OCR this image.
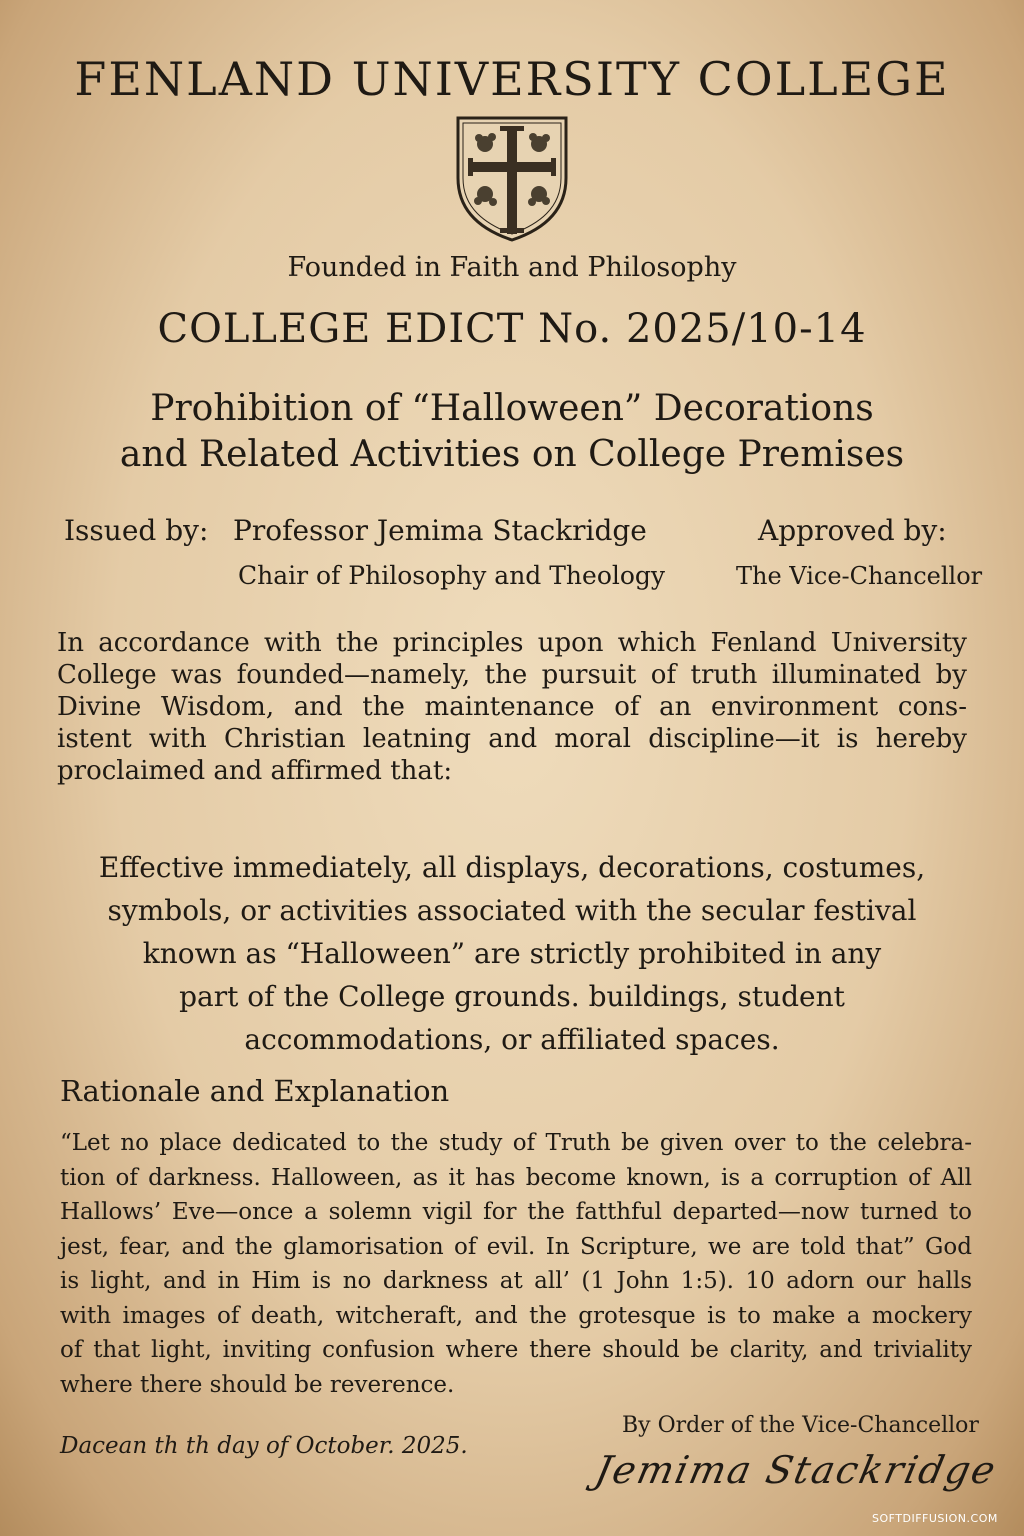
FENLAND UNIVERSITY COLLEGE

Founded in Faith and Philosophy

COLLEGE EDICT No. 2025/10-14

Prohibition of “Halloween” Decorations

and Related Activities on College Premises

Issued by: Professor Jemima Stackridge
Chair of Philosophy and Theology
Approved by:
The Vice-Chancellor
In accordance with the principles upon which Fenland University
College was founded—namely, the pursuit of truth illuminated by
Divine Wisdom, and the maintenance of an environment cons-
istent with Christian leatning and moral discipline—it is hereby
proclaimed and affirmed that:
Effective immediately, all displays, decorations, costumes,
symbols, or activities associated with the secular festival
known as “Halloween” are strictly prohibited in any
part of the College grounds. buildings, student
accommodations, or affiliated spaces.
Rationale and Explanation
“Let no place dedicated to the study of Truth be given over to the celebra-
tion of darkness. Halloween, as it has become known, is a corruption of All
Hallows’ Eve—once a solemn vigil for the fatthful departed—now turned to
jest, fear, and the glamorisation of evil. In Scripture, we are told that” God
is light, and in Him is no darkness at all’ (1 John 1:5). 10 adorn our halls
with images of death, witcheraft, and the grotesque is to make a mockery
of that light, inviting confusion where there should be clarity, and triviality
where there should be reverence.
Dacean th th day of October. 2025.
By Order of the Vice-Chancellor
Jemima Stackridge
SOFTDIFFUSION.COM
